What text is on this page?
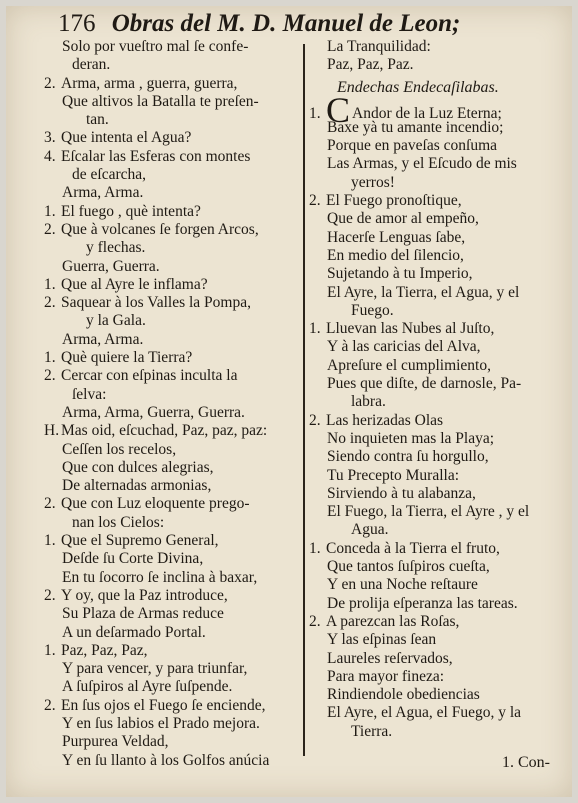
176 Obras del M. D. Manuel de Leon;
Solo por vueſtro mal ſe confe-
deran.
2. Arma, arma , guerra, guerra,
Que altivos la Batalla te preſen-
tan.
3. Que intenta el Agua?
4. Eſcalar las Esferas con montes
de eſcarcha,
Arma, Arma.
1. El fuego , què intenta?
2. Que à volcanes ſe forgen Arcos,
y flechas.
Guerra, Guerra.
1. Que al Ayre le inflama?
2. Saquear à los Valles la Pompa,
y la Gala.
Arma, Arma.
1. Què quiere la Tierra?
2. Cercar con eſpinas inculta la
ſelva:
Arma, Arma, Guerra, Guerra.
H. Mas oid, eſcuchad, Paz, paz, paz:
Ceſſen los recelos,
Que con dulces alegrias,
De alternadas armonias,
2. Que con Luz eloquente prego-
nan los Cielos:
1. Que el Supremo General,
Deſde ſu Corte Divina,
En tu ſocorro ſe inclina à baxar,
2. Y oy, que la Paz introduce,
Su Plaza de Armas reduce
A un deſarmado Portal.
1. Paz, Paz, Paz,
Y para vencer, y para triunfar,
A ſuſpiros al Ayre ſuſpende.
2. En ſus ojos el Fuego ſe enciende,
Y en ſus labios el Prado mejora.
Purpurea Veldad,
Y en ſu llanto à los Golfos anúcia
La Tranquilidad:
Paz, Paz, Paz.
Endechas Endecaſilabas.
1. C Andor de la Luz Eterna;
Baxe yà tu amante incendio;
Porque en paveſas conſuma
Las Armas, y el Eſcudo de mis
yerros!
2. El Fuego pronoſtique,
Que de amor al empeño,
Hacerſe Lenguas ſabe,
En medio del ſilencio,
Sujetando à tu Imperio,
El Ayre, la Tierra, el Agua, y el
Fuego.
1. Lluevan las Nubes al Juſto,
Y à las caricias del Alva,
Apreſure el cumplimiento,
Pues que diſte, de darnosle, Pa-
labra.
2. Las herizadas Olas
No inquieten mas la Playa;
Siendo contra ſu horgullo,
Tu Precepto Muralla:
Sirviendo à tu alabanza,
El Fuego, la Tierra, el Ayre , y el
Agua.
1. Conceda à la Tierra el fruto,
Que tantos ſuſpiros cueſta,
Y en una Noche reſtaure
De prolija eſperanza las tareas.
2. A parezcan las Roſas,
Y las eſpinas ſean
Laureles reſervados,
Para mayor fineza:
Rindiendole obediencias
El Ayre, el Agua, el Fuego, y la
Tierra.
1. Con-
